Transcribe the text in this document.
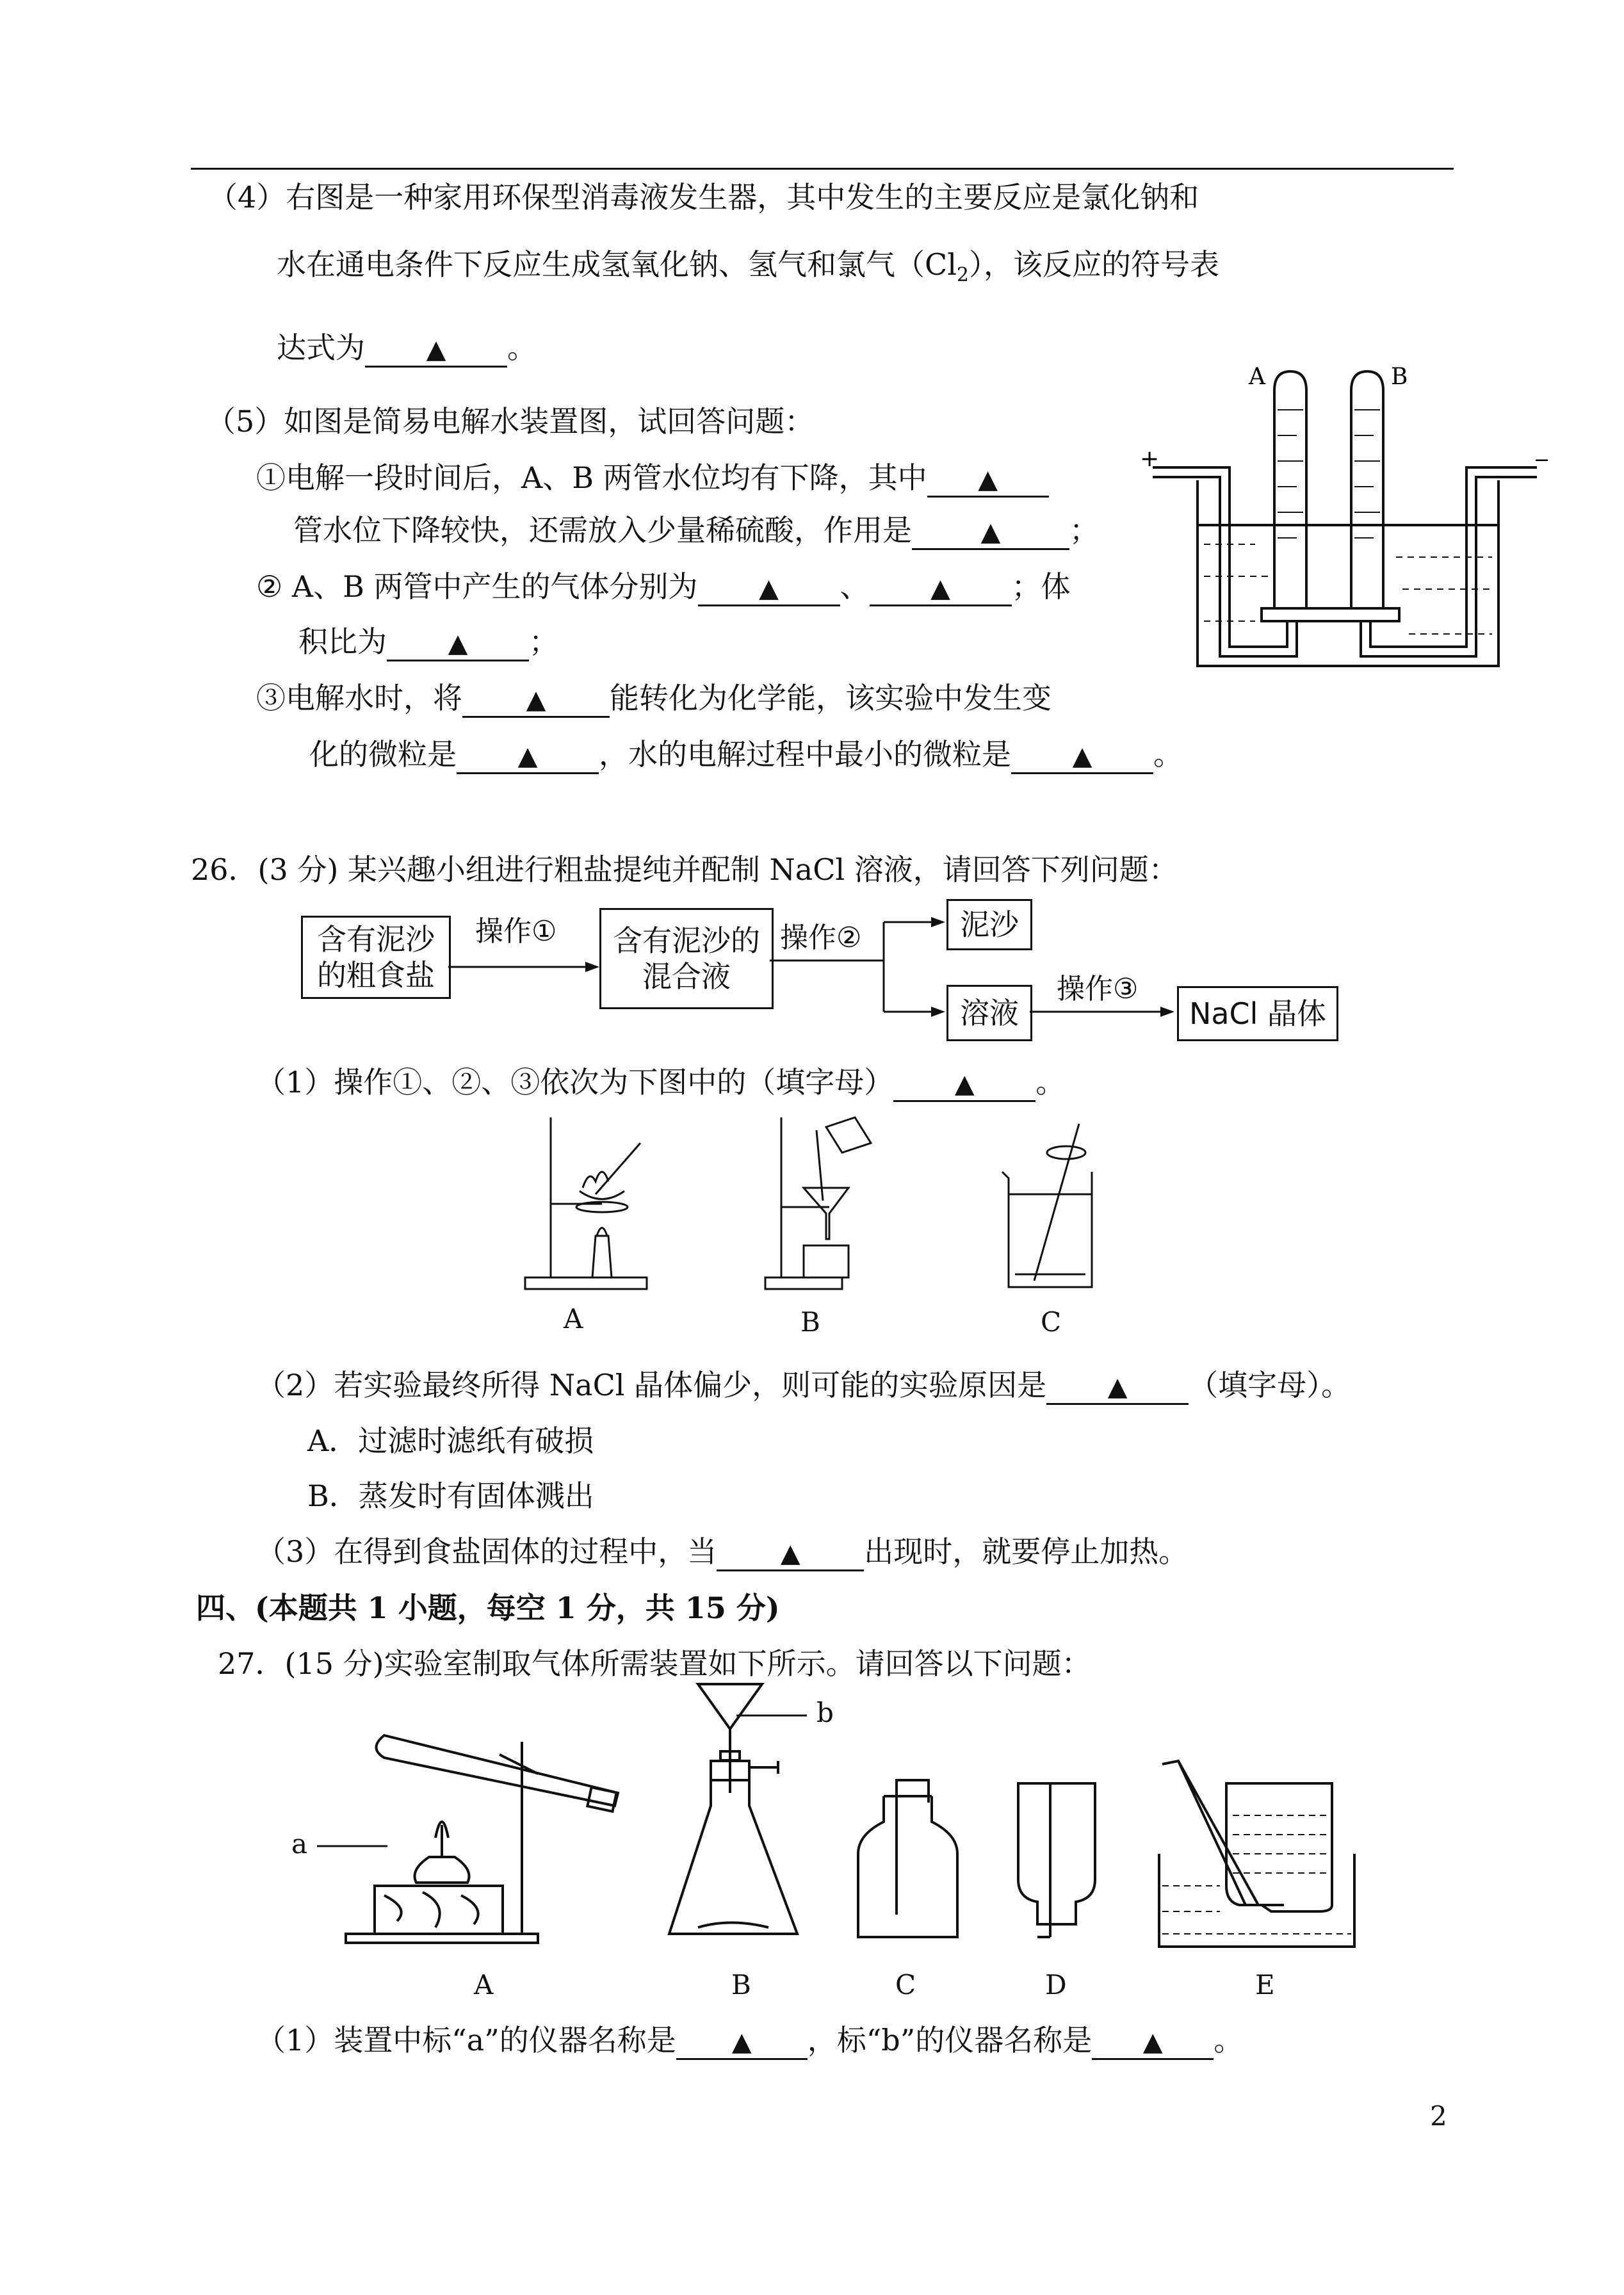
（4）右图是一种家用环保型消毒液发生器，其中发生的主要反应是氯化钠和
水在通电条件下反应生成氢氧化钠、氢气和氯气$(Cl_2)$，该反应的符号表
达式为 ▲ 。
（5）如图是简易电解水装置图，试回答问题：
①电解一段时间后，A、B 两管水位均有下降，其中 ▲
管水位下降较快，还需放入少量稀硫酸，作用是	▲ ；
② A、B 两管中产生的气体分别为 ▲ 、 ▲ ；体
积比为 ▲ ；
③电解水时，将 ▲ 能转化为化学能，该实验中发生变
化的微粒是 ▲ ，水的电解过程中最小的微粒是 ▲ 。
A	B
+	−
26．(3 分) 某兴趣小组进行粗盐提纯并配制 NaCl 溶液，请回答下列问题：
含有泥沙
的粗食盐
操作① 含有泥沙的
混合液
操作②	泥沙
溶液
操作③
NaCl 晶体
（1）操作①、②、③依次为下图中的（填字母） ▲ 。
A	B	C
（2）若实验最终所得 NaCl 晶体偏少，则可能的实验原因是 ▲ （填字母）。
A．过滤时滤纸有破损
B．蒸发时有固体溅出
（3）在得到食盐固体的过程中，当 ▲ 出现时，就要停止加热。
四、(本题共 1 小题，每空 1 分，共 15 分)
27．(15 分)实验室制取气体所需装置如下所示。请回答以下问题：
a
b
A	B	C	D	E
（1）装置中标“a”的仪器名称是 ▲ ，标“b”的仪器名称是 ▲ 。
2
